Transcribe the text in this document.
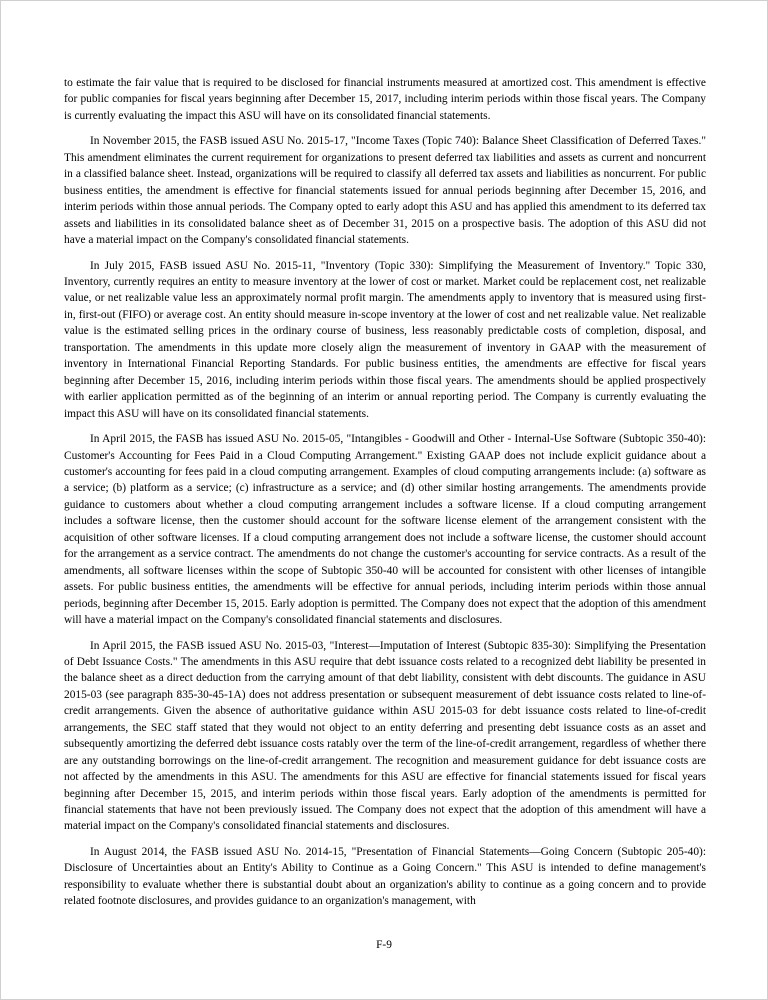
to estimate the fair value that is required to be disclosed for financial instruments measured at amortized cost. This amendment is effective for public companies for fiscal years beginning after December 15, 2017, including interim periods within those fiscal years. The Company is currently evaluating the impact this ASU will have on its consolidated financial statements.

In November 2015, the FASB issued ASU No. 2015-17, "Income Taxes (Topic 740): Balance Sheet Classification of Deferred Taxes." This amendment eliminates the current requirement for organizations to present deferred tax liabilities and assets as current and noncurrent in a classified balance sheet. Instead, organizations will be required to classify all deferred tax assets and liabilities as noncurrent. For public business entities, the amendment is effective for financial statements issued for annual periods beginning after December 15, 2016, and interim periods within those annual periods. The Company opted to early adopt this ASU and has applied this amendment to its deferred tax assets and liabilities in its consolidated balance sheet as of December 31, 2015 on a prospective basis. The adoption of this ASU did not have a material impact on the Company's consolidated financial statements.

In July 2015, FASB issued ASU No. 2015-11, "Inventory (Topic 330): Simplifying the Measurement of Inventory." Topic 330, Inventory, currently requires an entity to measure inventory at the lower of cost or market. Market could be replacement cost, net realizable value, or net realizable value less an approximately normal profit margin. The amendments apply to inventory that is measured using first-in, first-out (FIFO) or average cost. An entity should measure in-scope inventory at the lower of cost and net realizable value. Net realizable value is the estimated selling prices in the ordinary course of business, less reasonably predictable costs of completion, disposal, and transportation. The amendments in this update more closely align the measurement of inventory in GAAP with the measurement of inventory in International Financial Reporting Standards. For public business entities, the amendments are effective for fiscal years beginning after December 15, 2016, including interim periods within those fiscal years. The amendments should be applied prospectively with earlier application permitted as of the beginning of an interim or annual reporting period. The Company is currently evaluating the impact this ASU will have on its consolidated financial statements.

In April 2015, the FASB has issued ASU No. 2015-05, "Intangibles - Goodwill and Other - Internal-Use Software (Subtopic 350-40): Customer's Accounting for Fees Paid in a Cloud Computing Arrangement." Existing GAAP does not include explicit guidance about a customer's accounting for fees paid in a cloud computing arrangement. Examples of cloud computing arrangements include: (a) software as a service; (b) platform as a service; (c) infrastructure as a service; and (d) other similar hosting arrangements. The amendments provide guidance to customers about whether a cloud computing arrangement includes a software license. If a cloud computing arrangement includes a software license, then the customer should account for the software license element of the arrangement consistent with the acquisition of other software licenses. If a cloud computing arrangement does not include a software license, the customer should account for the arrangement as a service contract. The amendments do not change the customer's accounting for service contracts. As a result of the amendments, all software licenses within the scope of Subtopic 350-40 will be accounted for consistent with other licenses of intangible assets. For public business entities, the amendments will be effective for annual periods, including interim periods within those annual periods, beginning after December 15, 2015. Early adoption is permitted. The Company does not expect that the adoption of this amendment will have a material impact on the Company's consolidated financial statements and disclosures.

In April 2015, the FASB issued ASU No. 2015-03, "Interest—Imputation of Interest (Subtopic 835-30): Simplifying the Presentation of Debt Issuance Costs." The amendments in this ASU require that debt issuance costs related to a recognized debt liability be presented in the balance sheet as a direct deduction from the carrying amount of that debt liability, consistent with debt discounts. The guidance in ASU 2015-03 (see paragraph 835-30-45-1A) does not address presentation or subsequent measurement of debt issuance costs related to line-of-credit arrangements. Given the absence of authoritative guidance within ASU 2015-03 for debt issuance costs related to line-of-credit arrangements, the SEC staff stated that they would not object to an entity deferring and presenting debt issuance costs as an asset and subsequently amortizing the deferred debt issuance costs ratably over the term of the line-of-credit arrangement, regardless of whether there are any outstanding borrowings on the line-of-credit arrangement. The recognition and measurement guidance for debt issuance costs are not affected by the amendments in this ASU. The amendments for this ASU are effective for financial statements issued for fiscal years beginning after December 15, 2015, and interim periods within those fiscal years. Early adoption of the amendments is permitted for financial statements that have not been previously issued. The Company does not expect that the adoption of this amendment will have a material impact on the Company's consolidated financial statements and disclosures.

In August 2014, the FASB issued ASU No. 2014-15, "Presentation of Financial Statements—Going Concern (Subtopic 205-40): Disclosure of Uncertainties about an Entity's Ability to Continue as a Going Concern." This ASU is intended to define management's responsibility to evaluate whether there is substantial doubt about an organization's ability to continue as a going concern and to provide related footnote disclosures, and provides guidance to an organization's management, with

F-9
